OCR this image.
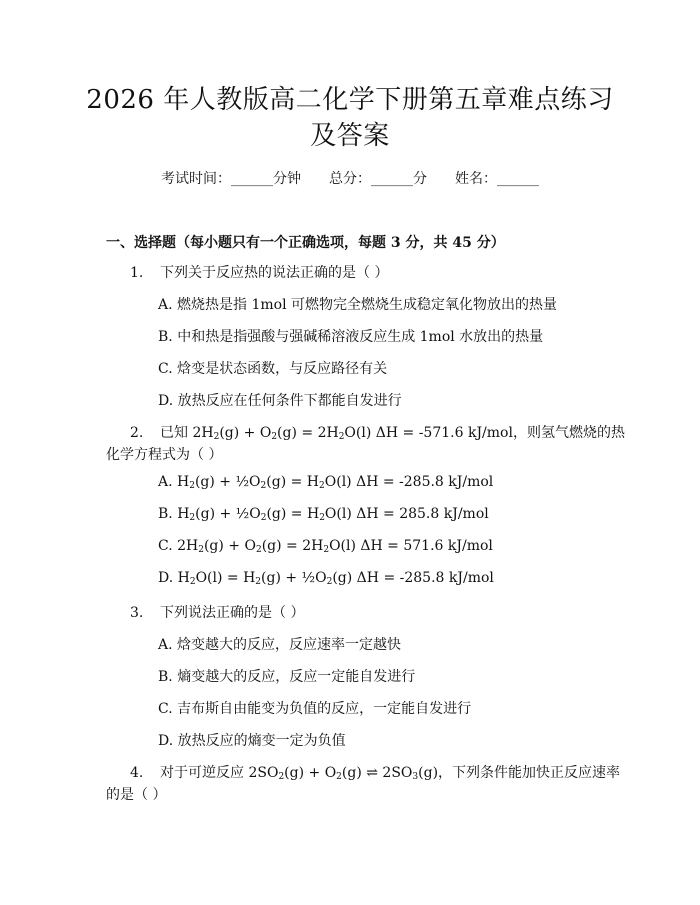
2026 年人教版高二化学下册第五章难点练习
及答案
考试时间：______分钟 总分：______分 姓名：______
一、选择题（每小题只有一个正确选项，每题 3 分，共 45 分）
1. 下列关于反应热的说法正确的是（ ）
A. 燃烧热是指 1mol 可燃物完全燃烧生成稳定氧化物放出的热量
B. 中和热是指强酸与强碱稀溶液反应生成 1mol 水放出的热量
C. 焓变是状态函数，与反应路径有关
D. 放热反应在任何条件下都能自发进行
2. 已知 $2H_2(g) + O_2(g) = 2H_2O(l) \Delta H = -571.6$ kJ/mol，则氢气燃烧的热
化学方程式为（ ）
A. $H_2(g)$ + $\frac{1}{2}O_2(g) = H_2O(l) \Delta H = -285.8$ kJ/mol
B. $H_2(g)$ + $\frac{1}{2}O_2(g) = H_2O(l) \Delta H = 285.8$ kJ/mol
C. $2H_2(g) + O_2(g) = 2H_2O(l) \Delta H = 571.6$ kJ/mol
D. $H_2O(l) = H_2(g)$ + $\frac{1}{2}O_2(g) \Delta H = -285.8$ kJ/mol
3. 下列说法正确的是（ ）
A. 焓变越大的反应，反应速率一定越快
B. 熵变越大的反应，反应一定能自发进行
C. 吉布斯自由能变为负值的反应，一定能自发进行
D. 放热反应的熵变一定为负值
4. 对于可逆反应 $2SO_2(g) + O_2(g)$ ⇌ $2SO_3(g)$，下列条件能加快正反应速率
的是（ ）
